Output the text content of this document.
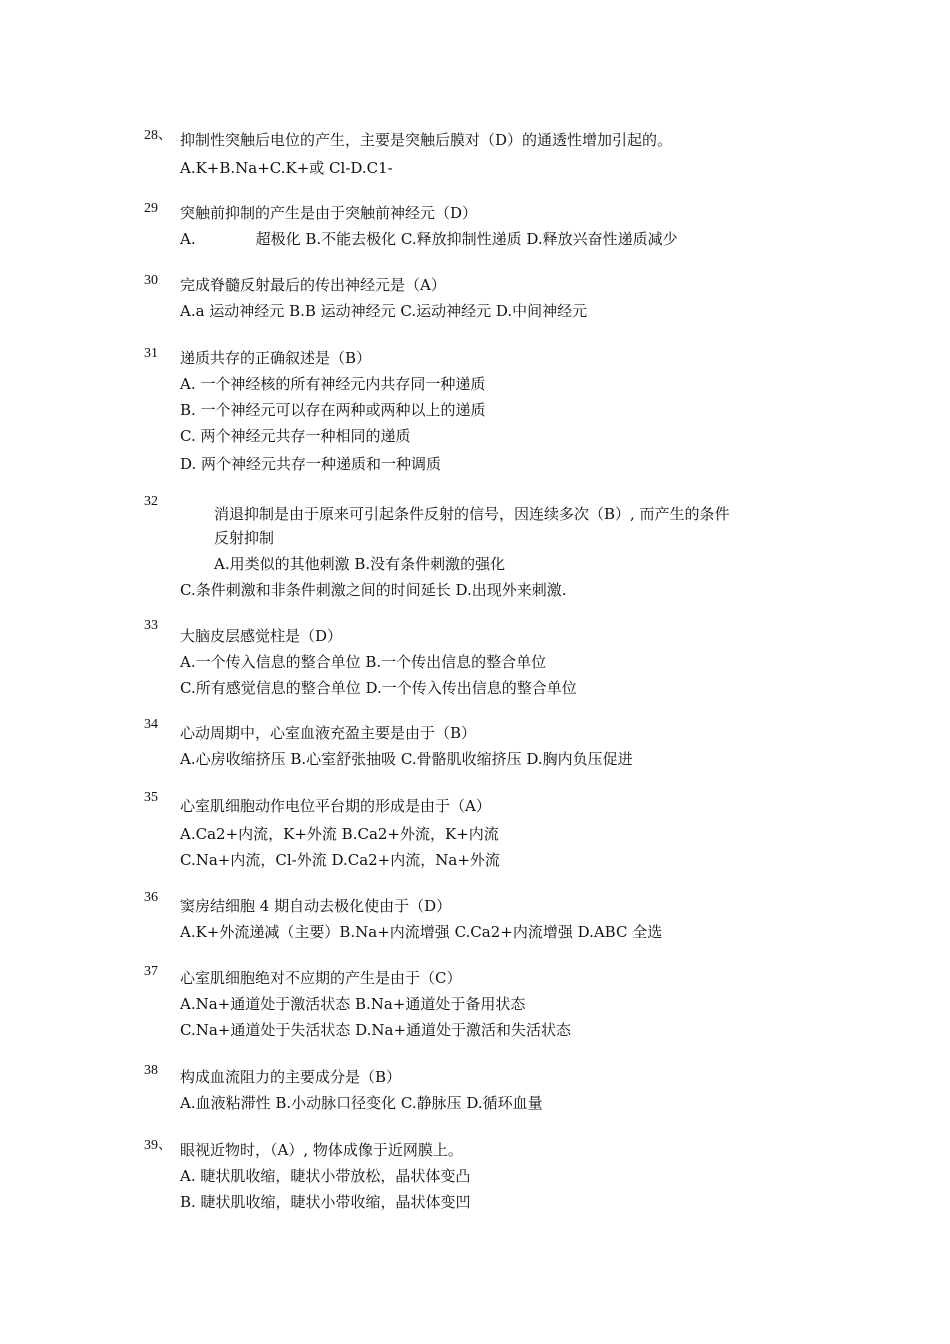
28、 抑制性突触后电位的产生，主要是突触后膜对（D）的通透性增加引起的。
A.K+B.Na+C.K+或 Cl-D.C1-
29 突触前抑制的产生是由于突触前神经元（D）
A.　　　　超极化 B.不能去极化 C.释放抑制性递质 D.释放兴奋性递质减少
30 完成脊髓反射最后的传出神经元是（A）
A.a 运动神经元 B.B 运动神经元 C.运动神经元 D.中间神经元
31 递质共存的正确叙述是（B）
A. 一个神经核的所有神经元内共存同一种递质
B. 一个神经元可以存在两种或两种以上的递质
C. 两个神经元共存一种相同的递质
D. 两个神经元共存一种递质和一种调质
32
消退抑制是由于原来可引起条件反射的信号，因连续多次（B）, 而产生的条件
反射抑制
A.用类似的其他刺激 B.没有条件刺激的强化
C.条件刺激和非条件刺激之间的时间延长 D.出现外来刺激.
33
大脑皮层感觉柱是（D）
A.一个传入信息的整合单位 B.一个传出信息的整合单位
C.所有感觉信息的整合单位 D.一个传入传出信息的整合单位
34 心动周期中，心室血液充盈主要是由于（B）
A.心房收缩挤压 B.心室舒张抽吸 C.骨骼肌收缩挤压 D.胸内负压促进
35 心室肌细胞动作电位平台期的形成是由于（A）
A.Ca2+内流，K+外流 B.Ca2+外流，K+内流
C.Na+内流，Cl-外流 D.Ca2+内流，Na+外流
36 窦房结细胞 4 期自动去极化使由于（D）
A.K+外流递减（主要）B.Na+内流增强 C.Ca2+内流增强 D.ABC 全选
37 心室肌细胞绝对不应期的产生是由于（C）
A.Na+通道处于激活状态 B.Na+通道处于备用状态
C.Na+通道处于失活状态 D.Na+通道处于激活和失活状态
38 构成血流阻力的主要成分是（B）
A.血液粘滞性 B.小动脉口径变化 C.静脉压 D.循环血量
39、 眼视近物时，（A）, 物体成像于近网膜上。
A. 睫状肌收缩，睫状小带放松，晶状体变凸
B. 睫状肌收缩，睫状小带收缩，晶状体变凹
